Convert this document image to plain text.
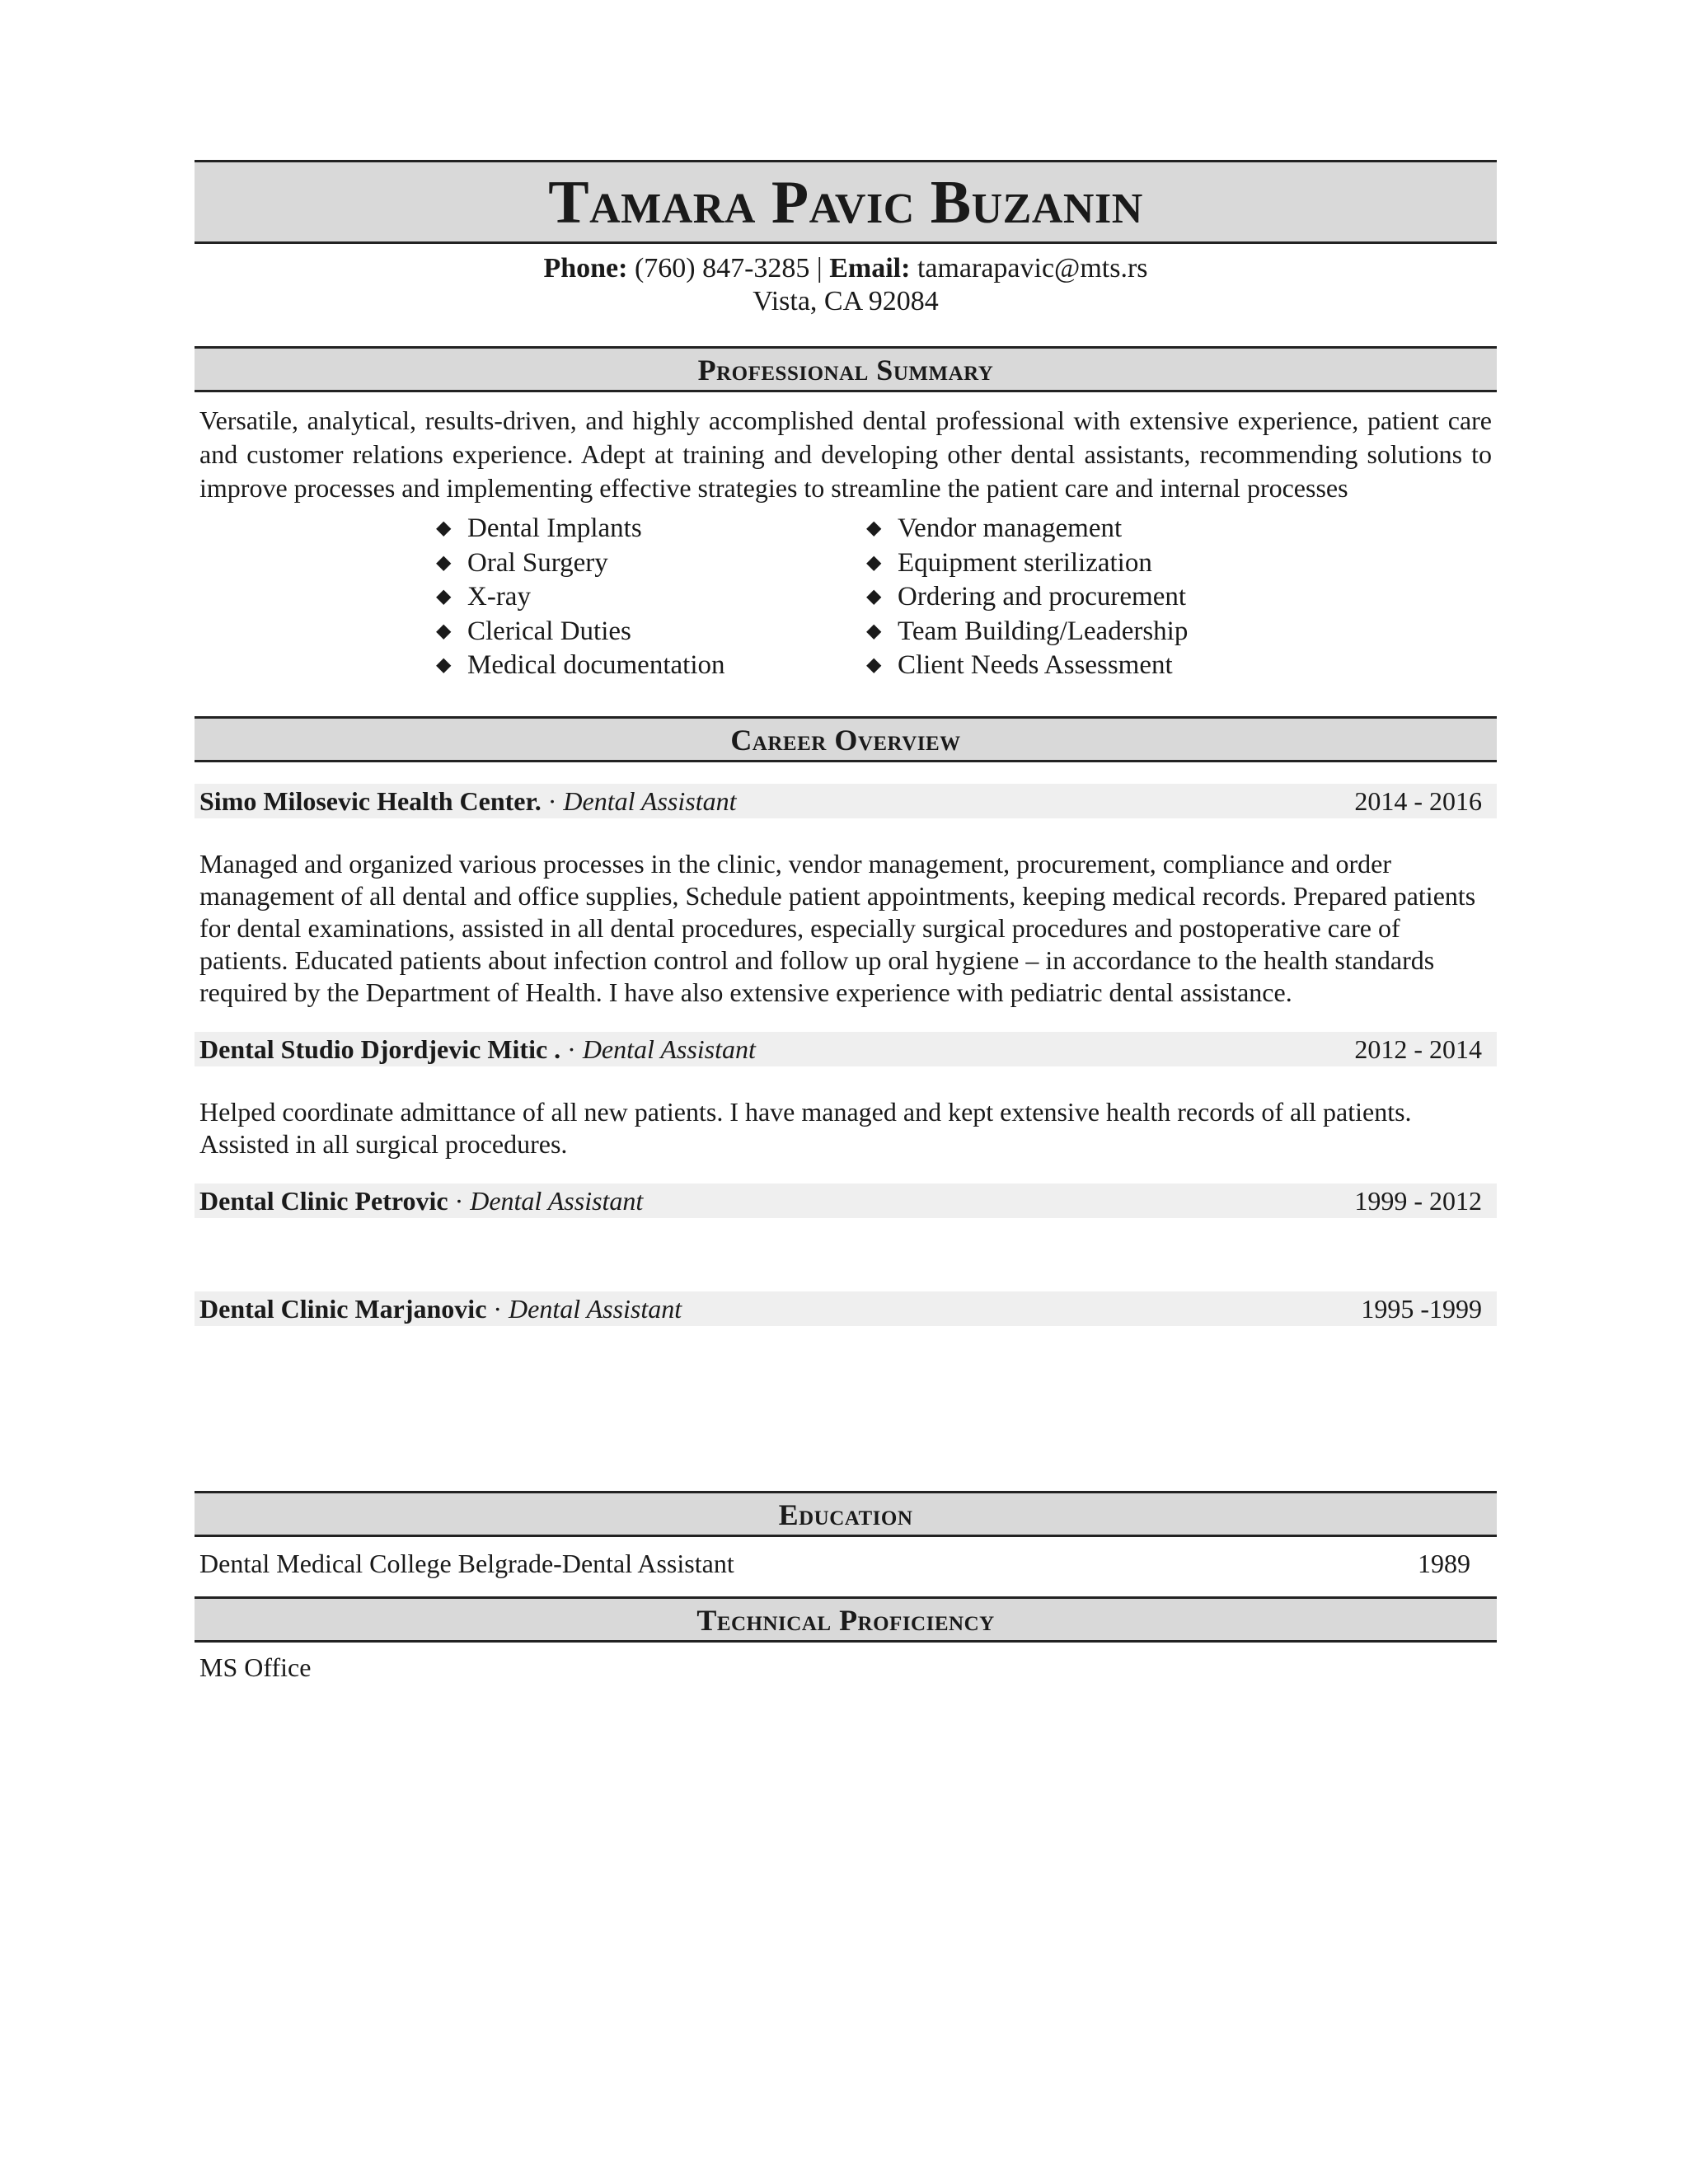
Tamara Pavic Buzanin
Phone: (760) 847-3285 | Email: tamarapavic@mts.rs
Vista, CA 92084
Professional Summary
Versatile, analytical, results-driven, and highly accomplished dental professional with extensive experience, patient care and customer relations experience. Adept at training and developing other dental assistants, recommending solutions to improve processes and implementing effective strategies to streamline the patient care and internal processes
◆ Dental Implants
◆ Oral Surgery
◆ X-ray
◆ Clerical Duties
◆ Medical documentation
◆ Vendor management
◆ Equipment sterilization
◆ Ordering and procurement
◆ Team Building/Leadership
◆ Client Needs Assessment
Career Overview
Simo Milosevic Health Center. · Dental Assistant	2014 - 2016
Managed and organized various processes in the clinic, vendor management, procurement, compliance and order management of all dental and office supplies, Schedule patient appointments, keeping medical records. Prepared patients for dental examinations, assisted in all dental procedures, especially surgical procedures and postoperative care of patients. Educated patients about infection control and follow up oral hygiene – in accordance to the health standards required by the Department of Health. I have also extensive experience with pediatric dental assistance.
Dental Studio Djordjevic Mitic . · Dental Assistant	2012 - 2014
Helped coordinate admittance of all new patients. I have managed and kept extensive health records of all patients. Assisted in all surgical procedures.
Dental Clinic Petrovic · Dental Assistant	1999 - 2012
Dental Clinic Marjanovic · Dental Assistant	1995 -1999
Education
Dental Medical College Belgrade-Dental Assistant	1989
Technical Proficiency
MS Office
